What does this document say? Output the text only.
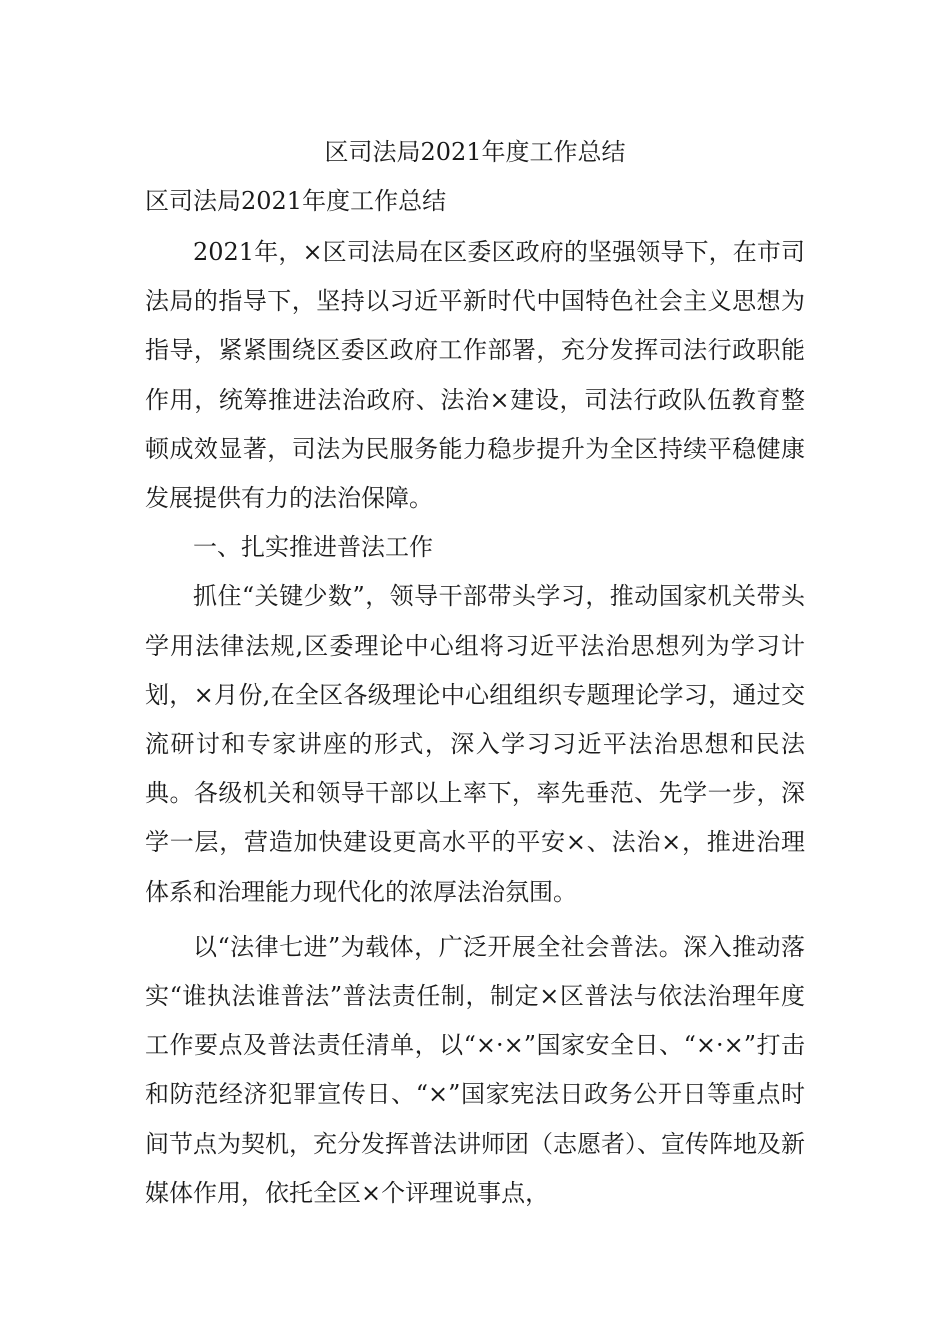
区司法局2021年度工作总结
区司法局2021年度工作总结

2021年，×区司法局在区委区政府的坚强领导下，在市司法局的指导下，坚持以习近平新时代中国特色社会主义思想为指导，紧紧围绕区委区政府工作部署，充分发挥司法行政职能作用，统筹推进法治政府、法治×建设，司法行政队伍教育整顿成效显著，司法为民服务能力稳步提升为全区持续平稳健康发展提供有力的法治保障。

一、扎实推进普法工作

抓住“关键少数”，领导干部带头学习，推动国家机关带头学用法律法规,区委理论中心组将习近平法治思想列为学习计划，×月份,在全区各级理论中心组组织专题理论学习，通过交流研讨和专家讲座的形式，深入学习习近平法治思想和民法典。各级机关和领导干部以上率下，率先垂范、先学一步，深学一层，营造加快建设更高水平的平安×、法治×，推进治理体系和治理能力现代化的浓厚法治氛围。

以“法律七进”为载体，广泛开展全社会普法。深入推动落实“谁执法谁普法”普法责任制，制定×区普法与依法治理年度工作要点及普法责任清单，以“×·×”国家安全日、“×·×”打击和防范经济犯罪宣传日、“×”国家宪法日政务公开日等重点时间节点为契机，充分发挥普法讲师团（志愿者）、宣传阵地及新媒体作用，依托全区×个评理说事点，
